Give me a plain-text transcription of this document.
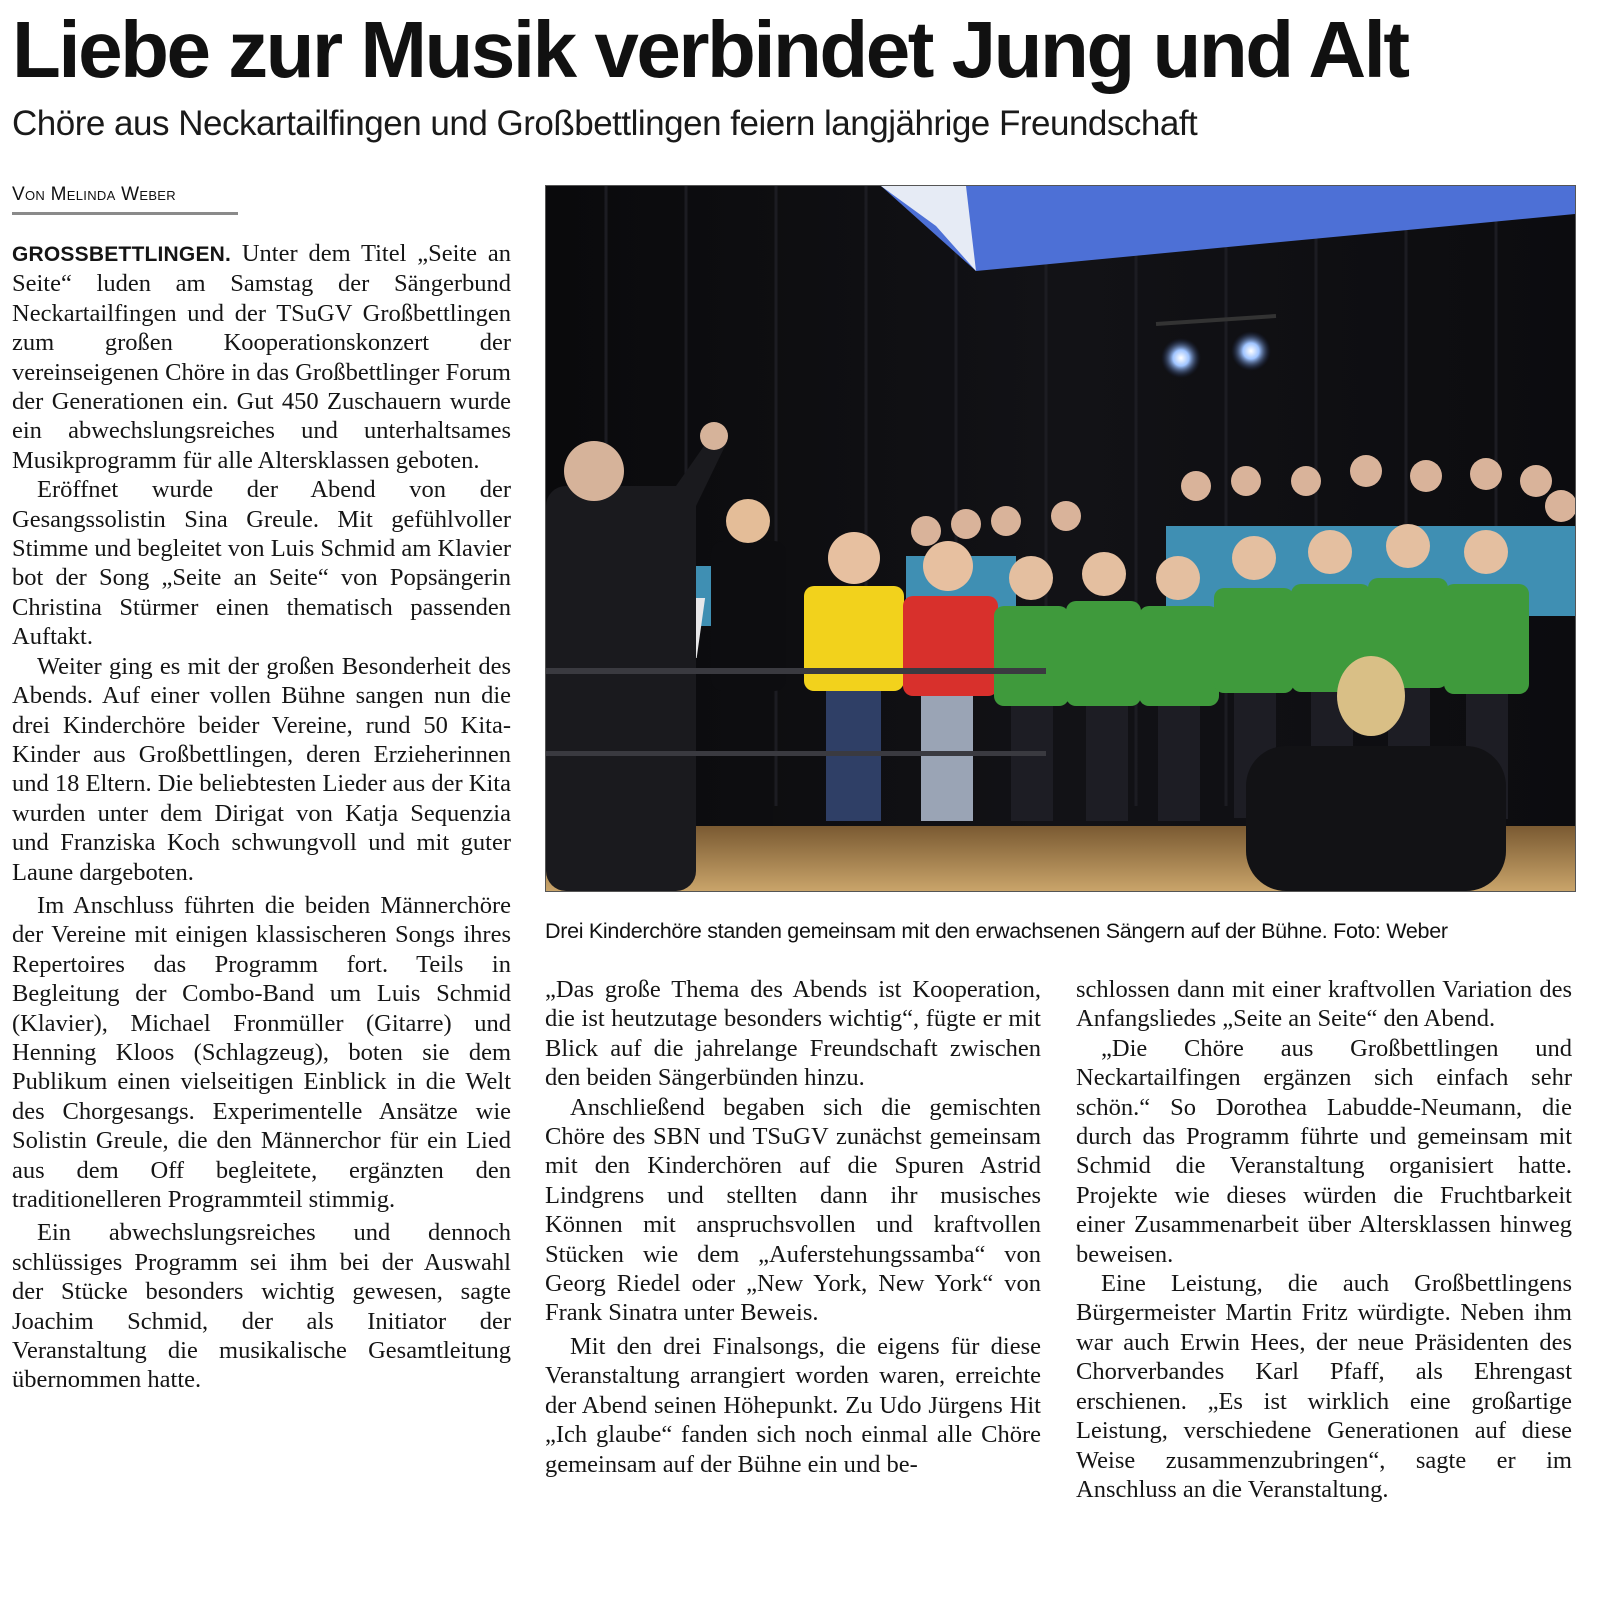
Liebe zur Musik verbindet Jung und Alt
Chöre aus Neckartailfingen und Großbettlingen feiern langjährige Freundschaft
Von Melinda Weber

GROSSBETTLINGEN. Unter dem Titel „Seite an Seite“ luden am Samstag der Sängerbund Neckartailfingen und der TSuGV Großbettlingen zum großen Kooperationskonzert der vereinseigenen Chöre in das Großbettlinger Forum der Generationen ein. Gut 450 Zuschauern wurde ein abwechslungsreiches und unterhaltsames Musikprogramm für alle Altersklassen geboten.

Eröffnet wurde der Abend von der Gesangssolistin Sina Greule. Mit gefühlvoller Stimme und begleitet von Luis Schmid am Klavier bot der Song „Seite an Seite“ von Popsängerin Christina Stürmer einen thematisch passenden Auftakt.

Weiter ging es mit der großen Besonderheit des Abends. Auf einer vollen Bühne sangen nun die drei Kinderchöre beider Vereine, rund 50 Kita-Kinder aus Großbettlingen, deren Erzieherinnen und 18 Eltern. Die beliebtesten Lieder aus der Kita wurden unter dem Dirigat von Katja Sequenzia und Franziska Koch schwungvoll und mit guter Laune dargeboten.

Im Anschluss führten die beiden Männerchöre der Vereine mit einigen klassischeren Songs ihres Repertoires das Programm fort. Teils in Begleitung der Combo-Band um Luis Schmid (Klavier), Michael Fronmüller (Gitarre) und Henning Kloos (Schlagzeug), boten sie dem Publikum einen vielseitigen Einblick in die Welt des Chorgesangs. Experimentelle Ansätze wie Solistin Greule, die den Männerchor für ein Lied aus dem Off begleitete, ergänzten den traditionelleren Programmteil stimmig.

Ein abwechslungsreiches und dennoch schlüssiges Programm sei ihm bei der Auswahl der Stücke besonders wichtig gewesen, sagte Joachim Schmid, der als Initiator der Veranstaltung die musikalische Gesamtleitung übernommen hatte.

Drei Kinderchöre standen gemeinsam mit den erwachsenen Sängern auf der Bühne. Foto: Weber

„Das große Thema des Abends ist Kooperation, die ist heutzutage besonders wichtig“, fügte er mit Blick auf die jahrelange Freundschaft zwischen den beiden Sängerbünden hinzu.

Anschließend begaben sich die gemischten Chöre des SBN und TSuGV zunächst gemeinsam mit den Kinderchören auf die Spuren Astrid Lindgrens und stellten dann ihr musisches Können mit anspruchsvollen und kraftvollen Stücken wie dem „Auferstehungssamba“ von Georg Riedel oder „New York, New York“ von Frank Sinatra unter Beweis.

Mit den drei Finalsongs, die eigens für diese Veranstaltung arrangiert worden waren, erreichte der Abend seinen Höhepunkt. Zu Udo Jürgens Hit „Ich glaube“ fanden sich noch einmal alle Chöre gemeinsam auf der Bühne ein und be-

schlossen dann mit einer kraftvollen Variation des Anfangsliedes „Seite an Seite“ den Abend.

„Die Chöre aus Großbettlingen und Neckartailfingen ergänzen sich einfach sehr schön.“ So Dorothea Labudde-Neumann, die durch das Programm führte und gemeinsam mit Schmid die Veranstaltung organisiert hatte. Projekte wie dieses würden die Fruchtbarkeit einer Zusammenarbeit über Altersklassen hinweg beweisen.

Eine Leistung, die auch Großbettlingens Bürgermeister Martin Fritz würdigte. Neben ihm war auch Erwin Hees, der neue Präsidenten des Chorverbandes Karl Pfaff, als Ehrengast erschienen. „Es ist wirklich eine großartige Leistung, verschiedene Generationen auf diese Weise zusammenzubringen“, sagte er im Anschluss an die Veranstaltung.
